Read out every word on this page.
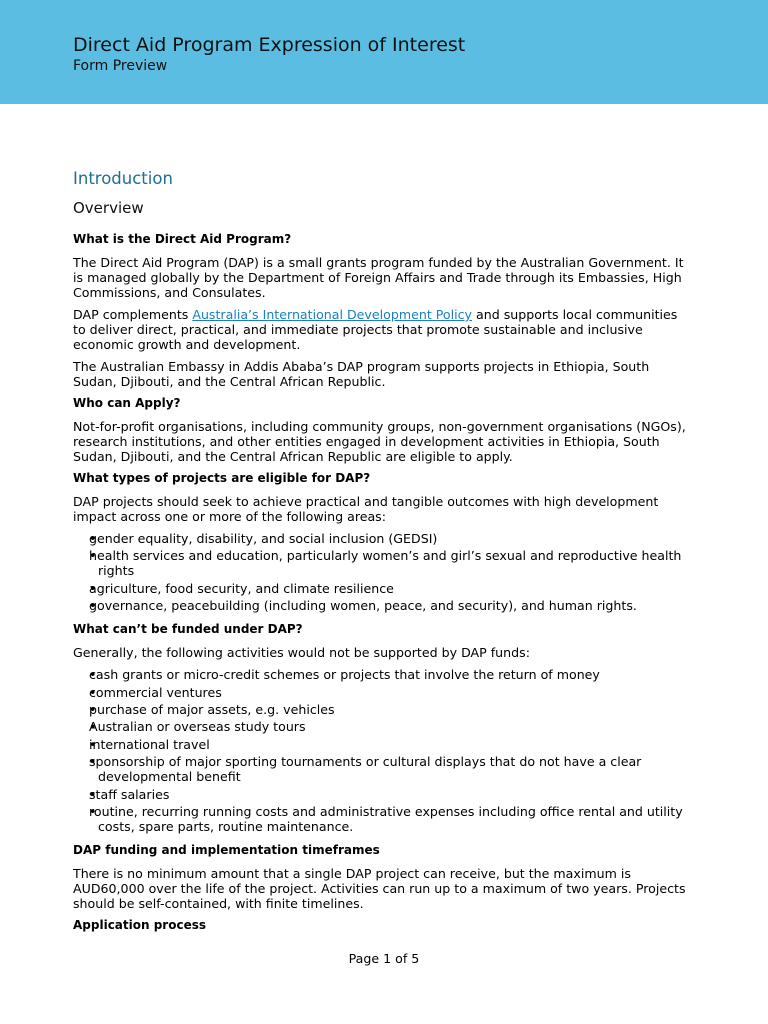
Direct Aid Program Expression of Interest
Form Preview
Introduction
Overview
What is the Direct Aid Program?
The Direct Aid Program (DAP) is a small grants program funded by the Australian Government. It is managed globally by the Department of Foreign Affairs and Trade through its Embassies, High Commissions, and Consulates.
DAP complements Australia’s International Development Policy and supports local communities to deliver direct, practical, and immediate projects that promote sustainable and inclusive economic growth and development.
The Australian Embassy in Addis Ababa’s DAP program supports projects in Ethiopia, South Sudan, Djibouti, and the Central African Republic.
Who can Apply?
Not-for-profit organisations, including community groups, non-government organisations (NGOs), research institutions, and other entities engaged in development activities in Ethiopia, South Sudan, Djibouti, and the Central African Republic are eligible to apply.
What types of projects are eligible for DAP?
DAP projects should seek to achieve practical and tangible outcomes with high development impact across one or more of the following areas:
• gender equality, disability, and social inclusion (GEDSI)
• health services and education, particularly women’s and girl’s sexual and reproductive health rights
• agriculture, food security, and climate resilience
• governance, peacebuilding (including women, peace, and security), and human rights.
What can’t be funded under DAP?
Generally, the following activities would not be supported by DAP funds:
• cash grants or micro-credit schemes or projects that involve the return of money
• commercial ventures
• purchase of major assets, e.g. vehicles
• Australian or overseas study tours
• international travel
• sponsorship of major sporting tournaments or cultural displays that do not have a clear developmental benefit
• staff salaries
• routine, recurring running costs and administrative expenses including office rental and utility costs, spare parts, routine maintenance.
DAP funding and implementation timeframes
There is no minimum amount that a single DAP project can receive, but the maximum is AUD60,000 over the life of the project. Activities can run up to a maximum of two years. Projects should be self-contained, with finite timelines.
Application process
Page 1 of 5
